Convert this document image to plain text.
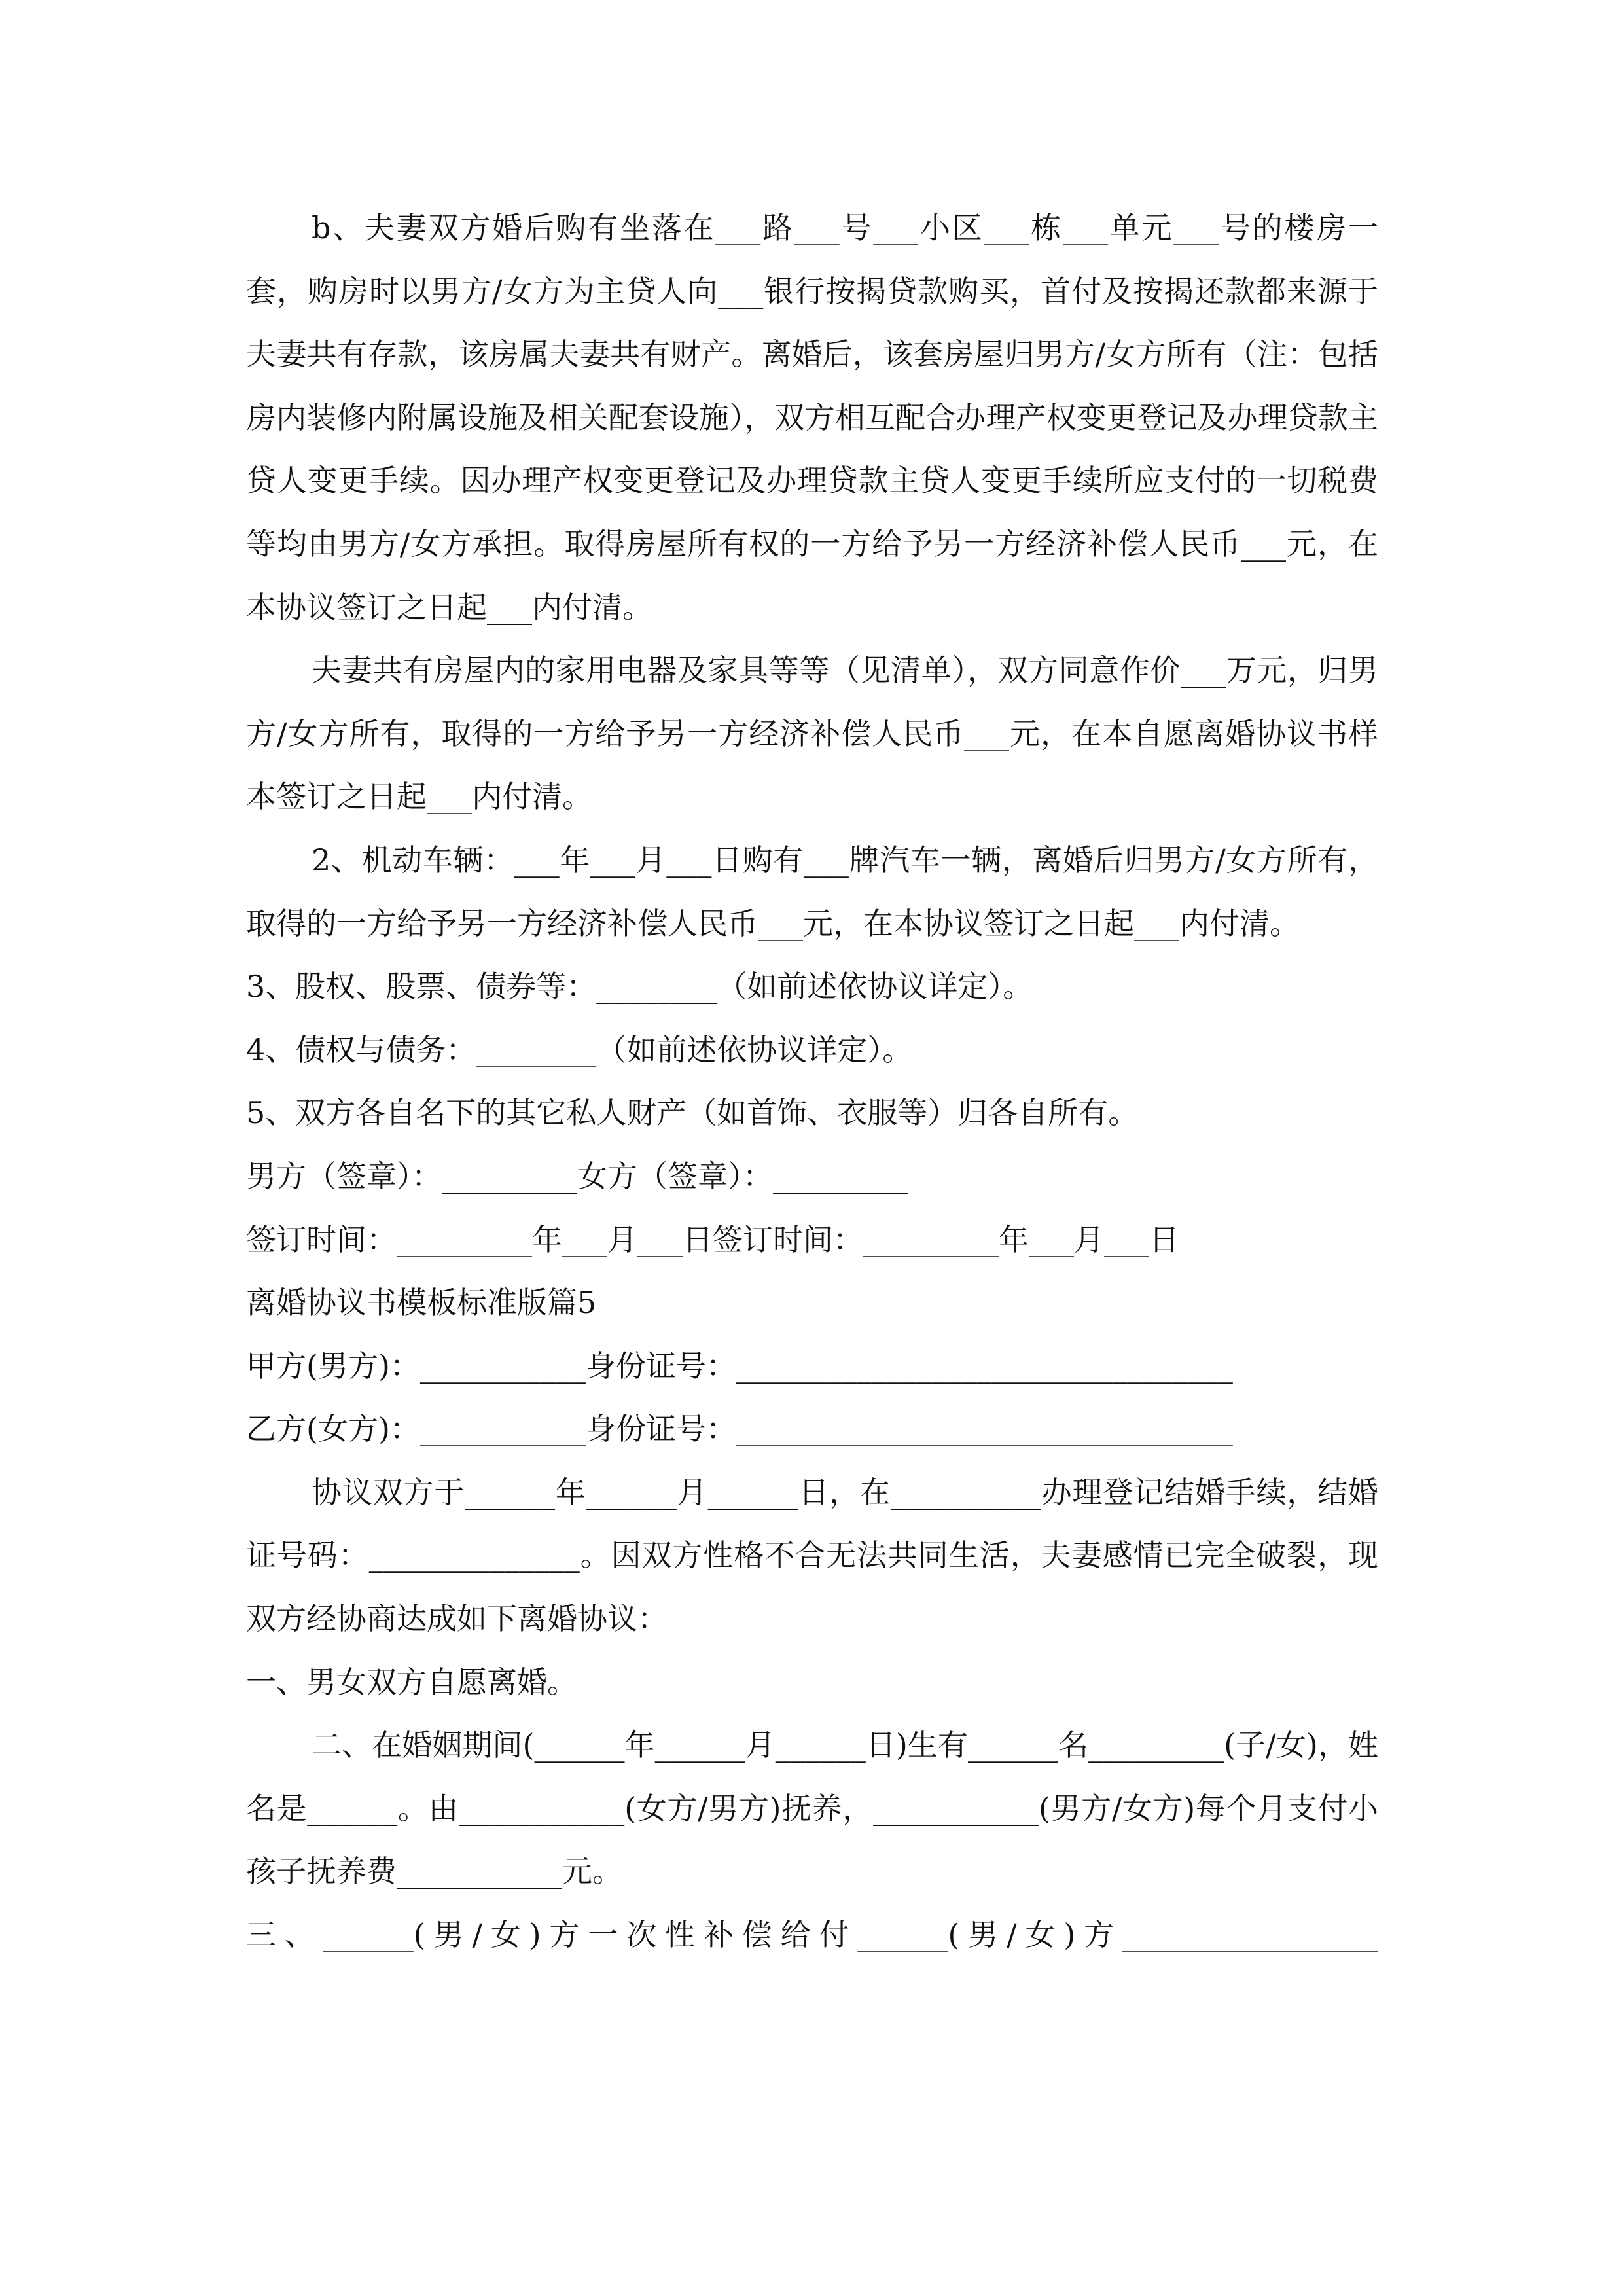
b、夫妻双方婚后购有坐落在___路___号___小区___栋___单元___号的楼房一套，购房时以男方/女方为主贷人向___银行按揭贷款购买，首付及按揭还款都来源于夫妻共有存款，该房属夫妻共有财产。离婚后，该套房屋归男方/女方所有（注：包括房内装修内附属设施及相关配套设施），双方相互配合办理产权变更登记及办理贷款主贷人变更手续。因办理产权变更登记及办理贷款主贷人变更手续所应支付的一切税费等均由男方/女方承担。取得房屋所有权的一方给予另一方经济补偿人民币___元，在本协议签订之日起___内付清。

夫妻共有房屋内的家用电器及家具等等（见清单），双方同意作价___万元，归男方/女方所有，取得的一方给予另一方经济补偿人民币___元，在本自愿离婚协议书样本签订之日起___内付清。

2、机动车辆：___年___月___日购有___牌汽车一辆，离婚后归男方/女方所有，取得的一方给予另一方经济补偿人民币___元，在本协议签订之日起___内付清。

3、股权、股票、债券等：________（如前述依协议详定）。

4、债权与债务：________（如前述依协议详定）。

5、双方各自名下的其它私人财产（如首饰、衣服等）归各自所有。

男方（签章）：_________女方（签章）：_________

签订时间：_________年___月___日签订时间：_________年___月___日

离婚协议书模板标准版篇5

甲方(男方)：___________身份证号：_________________________________

乙方(女方)：___________身份证号：_________________________________

协议双方于______年______月______日，在__________办理登记结婚手续，结婚证号码：______________。因双方性格不合无法共同生活，夫妻感情已完全破裂，现双方经协商达成如下离婚协议：

一、男女双方自愿离婚。

二、在婚姻期间(______年______月______日)生有______名_________(子/女)，姓名是______。由___________(女方/男方)抚养，___________(男方/女方)每个月支付小孩子抚养费___________元。

三、______(男/女)方一次性补偿给付______(男/女)方_________________
